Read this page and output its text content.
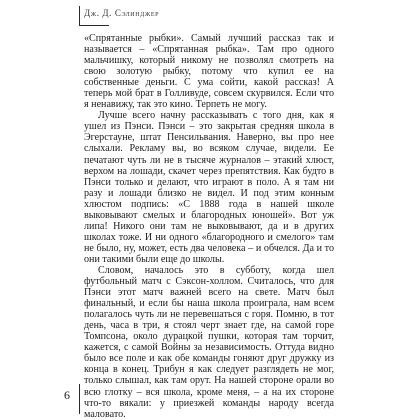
Дж. Д. Сэлинджер

«Спрятанные рыбки». Самый лучший рассказ так и называется – «Спрятанная рыбка». Там про одного мальчишку, который никому не позволял смотреть на свою золотую рыбку, потому что купил ее на собственные деньги. С ума сойти, какой рассказ! А теперь мой брат в Голливуде, совсем скурвился. Если что я ненавижу, так это кино. Терпеть не могу.

Лучше всего начну рассказывать с того дня, как я ушел из Пэнси. Пэнси – это закрытая средняя школа в Эгерстауне, штат Пенсильвания. Наверно, вы про нее слыхали. Рекламу вы, во всяком случае, видели. Ее печатают чуть ли не в тысяче журналов – этакий хлюст, верхом на лошади, скачет через препятствия. Как будто в Пэнси только и делают, что играют в поло. А я там ни разу и лошади близко не видел. И под этим конным хлюстом подпись: «С 1888 года в нашей школе выковывают смелых и благородных юношей». Вот уж липа! Никого они там не выковывают, да и в других школах тоже. И ни одного «благородного и смелого» там не было, ну, может, есть два человека – и обчелся. Да и то они такими были еще до школы.

Словом, началось это в субботу, когда шел футбольный матч с Сэксон-холлом. Считалось, что для Пэнси этот матч важней всего на свете. Матч был финальный, и если бы наша школа проиграла, нам всем полагалось чуть ли не перевешаться с горя. Помню, в тот день, часа в три, я стоял черт знает где, на самой горе Томпсона, около дурацкой пушки, которая там торчит, кажется, с самой Войны за независимость. Оттуда видно было все поле и как обе команды гоняют друг дружку из конца в конец. Трибун я как следует разглядеть не мог, только слышал, как там орут. На нашей стороне орали во всю глотку – вся школа, кроме меня, – а на их стороне что-то вякали: у приезжей команды народу всегда маловато.

6
